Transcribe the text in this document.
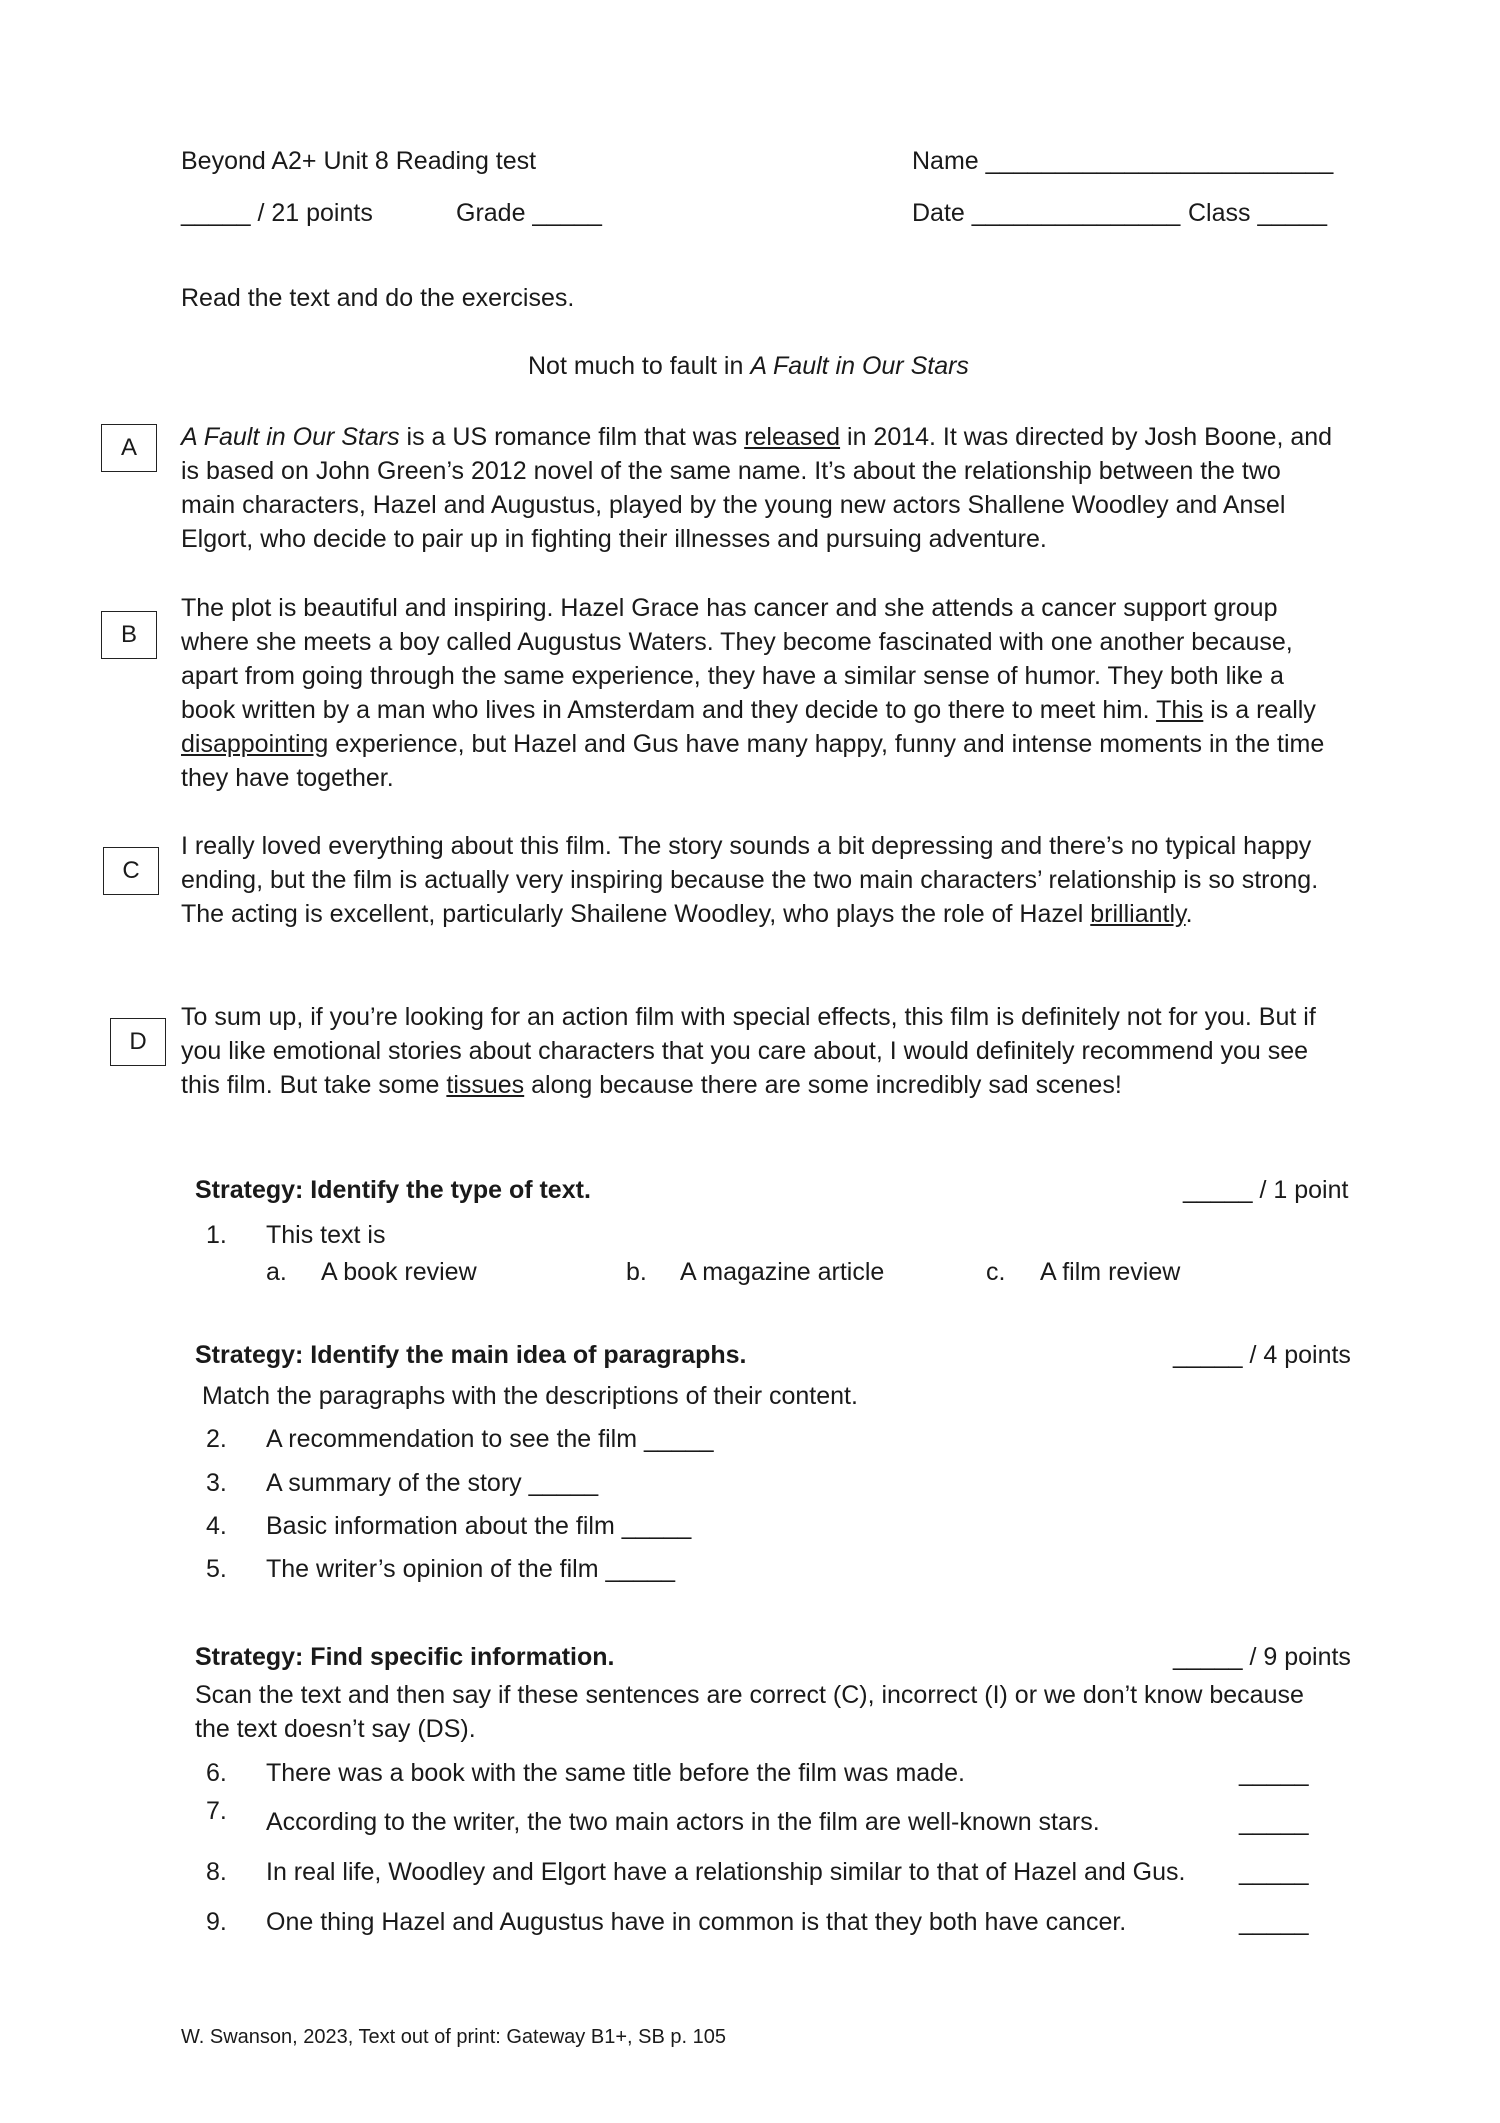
Beyond A2+ Unit 8 Reading test
_____ / 21 points	Grade _____
Name _________________________
Date _______________ Class _____
Read the text and do the exercises.
Not much to fault in A Fault in Our Stars
A	A Fault in Our Stars is a US romance film that was released in 2014. It was directed by Josh Boone, and is based on John Green’s 2012 novel of the same name. It’s about the relationship between the two main characters, Hazel and Augustus, played by the young new actors Shallene Woodley and Ansel Elgort, who decide to pair up in fighting their illnesses and pursuing adventure.
B
The plot is beautiful and inspiring. Hazel Grace has cancer and she attends a cancer support group where she meets a boy called Augustus Waters. They become fascinated with one another because, apart from going through the same experience, they have a similar sense of humor. They both like a book written by a man who lives in Amsterdam and they decide to go there to meet him. This is a really disappointing experience, but Hazel and Gus have many happy, funny and intense moments in the time they have together.
C
I really loved everything about this film. The story sounds a bit depressing and there’s no typical happy ending, but the film is actually very inspiring because the two main characters’ relationship is so strong. The acting is excellent, particularly Shailene Woodley, who plays the role of Hazel brilliantly.
D
To sum up, if you’re looking for an action film with special effects, this film is definitely not for you. But if you like emotional stories about characters that you care about, I would definitely recommend you see this film. But take some tissues along because there are some incredibly sad scenes!
Strategy: Identify the type of text.	_____ / 1 point
1. This text is
a. A book review	b. A magazine article	c. A film review
Strategy: Identify the main idea of paragraphs.	_____ / 4 points
Match the paragraphs with the descriptions of their content.
2. A recommendation to see the film _____
3. A summary of the story _____
4. Basic information about the film _____
5. The writer’s opinion of the film _____
Strategy: Find specific information.	_____ / 9 points
Scan the text and then say if these sentences are correct (C), incorrect (I) or we don’t know because
the text doesn’t say (DS).
6. There was a book with the same title before the film was made.	_____
7. According to the writer, the two main actors in the film are well-known stars.	_____
8. In real life, Woodley and Elgort have a relationship similar to that of Hazel and Gus. _____
9. One thing Hazel and Augustus have in common is that they both have cancer.	_____
W. Swanson, 2023, Text out of print: Gateway B1+, SB p. 105
